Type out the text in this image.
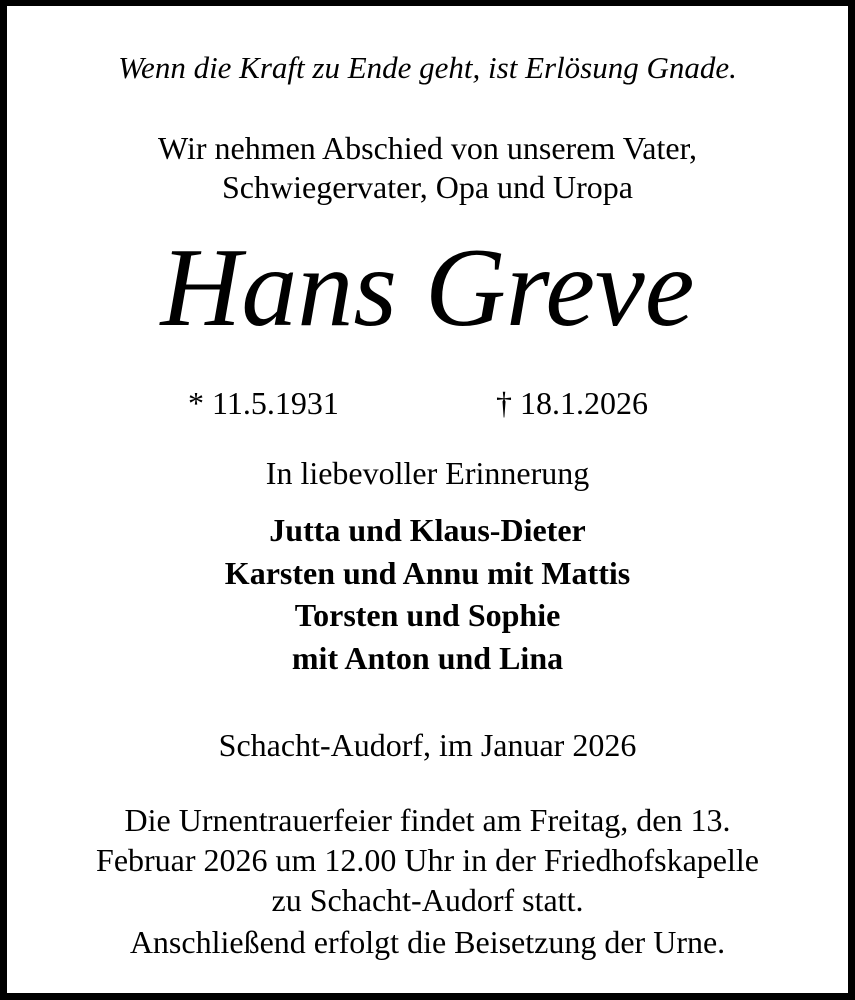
Wenn die Kraft zu Ende geht, ist Erlösung Gnade.
Wir nehmen Abschied von unserem Vater,
Schwiegervater, Opa und Uropa
Hans Greve
* 11.5.1931	† 18.1.2026
In liebevoller Erinnerung
Jutta und Klaus-Dieter
Karsten und Annu mit Mattis
Torsten und Sophie
mit Anton und Lina
Schacht-Audorf, im Januar 2026
Die Urnentrauerfeier findet am Freitag, den 13.
Februar 2026 um 12.00 Uhr in der Friedhofskapelle
zu Schacht-Audorf statt.
Anschließend erfolgt die Beisetzung der Urne.
